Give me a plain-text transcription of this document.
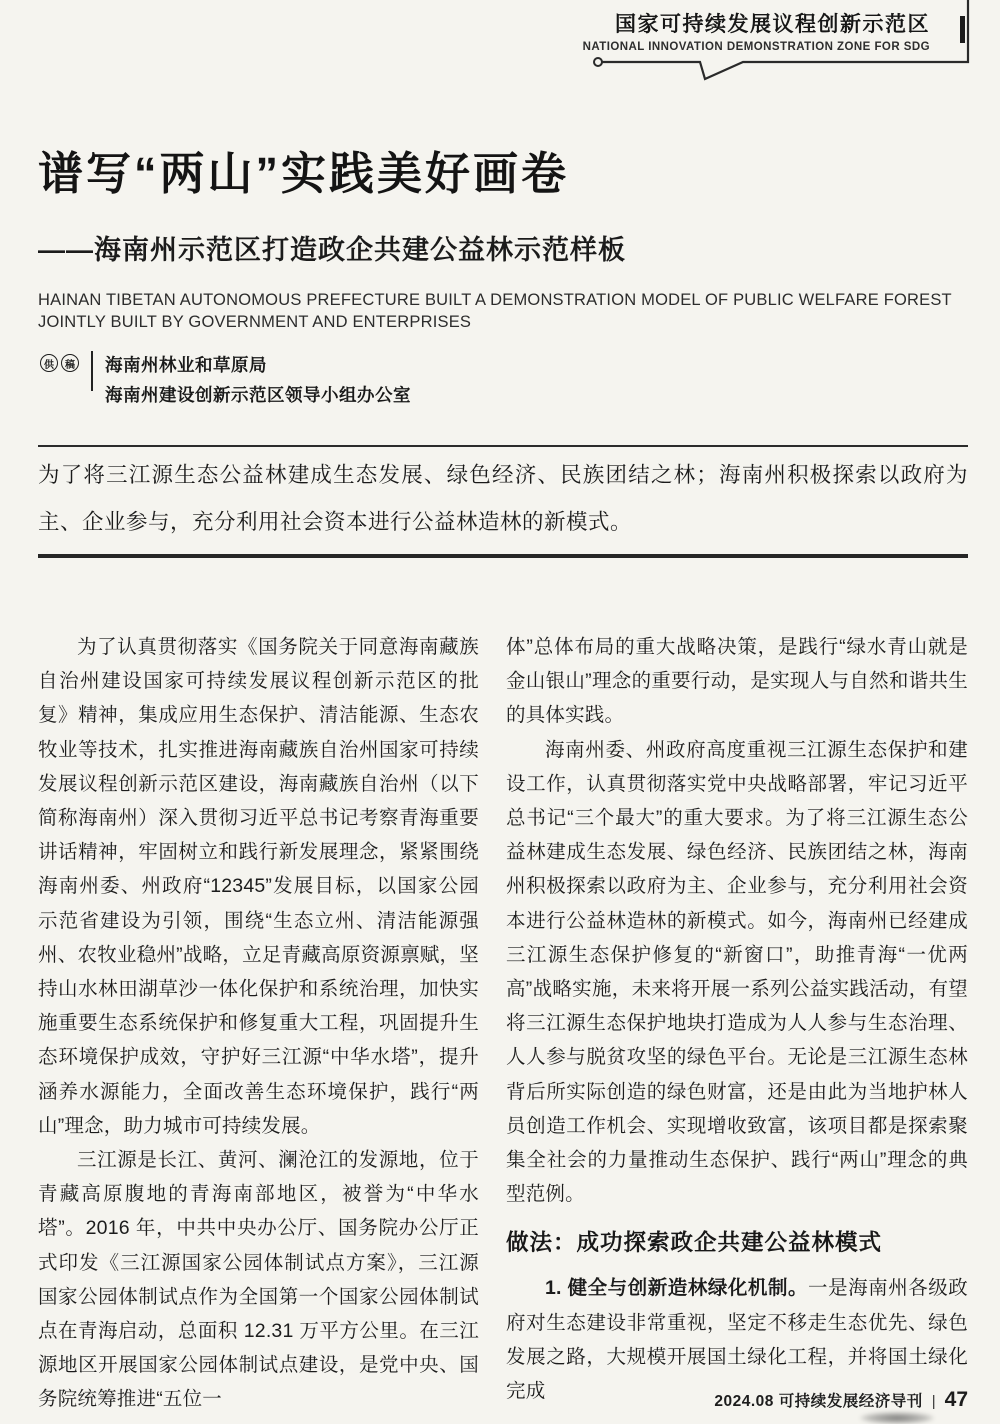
国家可持续发展议程创新示范区
NATIONAL INNOVATION DEMONSTRATION ZONE FOR SDG
谱写“两山”实践美好画卷
——海南州示范区打造政企共建公益林示范样板
HAINAN TIBETAN AUTONOMOUS PREFECTURE BUILT A DEMONSTRATION MODEL OF PUBLIC WELFARE FOREST
JOINTLY BUILT BY GOVERNMENT AND ENTERPRISES
供	稿 海南州林业和草原局
海南州建设创新示范区领导小组办公室
为了将三江源生态公益林建成生态发展、绿色经济、民族团结之林；海南州积极探索以政府为主、企业参与，充分利用社会资本进行公益林造林的新模式。

为了认真贯彻落实《国务院关于同意海南藏族自治州建设国家可持续发展议程创新示范区的批复》精神，集成应用生态保护、清洁能源、生态农牧业等技术，扎实推进海南藏族自治州国家可持续发展议程创新示范区建设，海南藏族自治州（以下简称海南州）深入贯彻习近平总书记考察青海重要讲话精神，牢固树立和践行新发展理念，紧紧围绕海南州委、州政府“12345”发展目标，以国家公园示范省建设为引领，围绕“生态立州、清洁能源强州、农牧业稳州”战略，立足青藏高原资源禀赋，坚持山水林田湖草沙一体化保护和系统治理，加快实施重要生态系统保护和修复重大工程，巩固提升生态环境保护成效，守护好三江源“中华水塔”，提升涵养水源能力，全面改善生态环境保护，践行“两山”理念，助力城市可持续发展。

三江源是长江、黄河、澜沧江的发源地，位于青藏高原腹地的青海南部地区，被誉为“中华水塔”。2016 年，中共中央办公厅、国务院办公厅正式印发《三江源国家公园体制试点方案》，三江源国家公园体制试点作为全国第一个国家公园体制试点在青海启动，总面积 12.31 万平方公里。在三江源地区开展国家公园体制试点建设，是党中央、国务院统筹推进“五位一

体”总体布局的重大战略决策，是践行“绿水青山就是金山银山”理念的重要行动，是实现人与自然和谐共生的具体实践。

海南州委、州政府高度重视三江源生态保护和建设工作，认真贯彻落实党中央战略部署，牢记习近平总书记“三个最大”的重大要求。为了将三江源生态公益林建成生态发展、绿色经济、民族团结之林，海南州积极探索以政府为主、企业参与，充分利用社会资本进行公益林造林的新模式。如今，海南州已经建成三江源生态保护修复的“新窗口”，助推青海“一优两高”战略实施，未来将开展一系列公益实践活动，有望将三江源生态保护地块打造成为人人参与生态治理、人人参与脱贫攻坚的绿色平台。无论是三江源生态林背后所实际创造的绿色财富，还是由此为当地护林人员创造工作机会、实现增收致富，该项目都是探索聚集全社会的力量推动生态保护、践行“两山”理念的典型范例。

做法：成功探索政企共建公益林模式

1. 健全与创新造林绿化机制。一是海南州各级政府对生态建设非常重视，坚定不移走生态优先、绿色发展之路，大规模开展国土绿化工程，并将国土绿化完成	2024.08 可持续发展经济导刊 | 47
